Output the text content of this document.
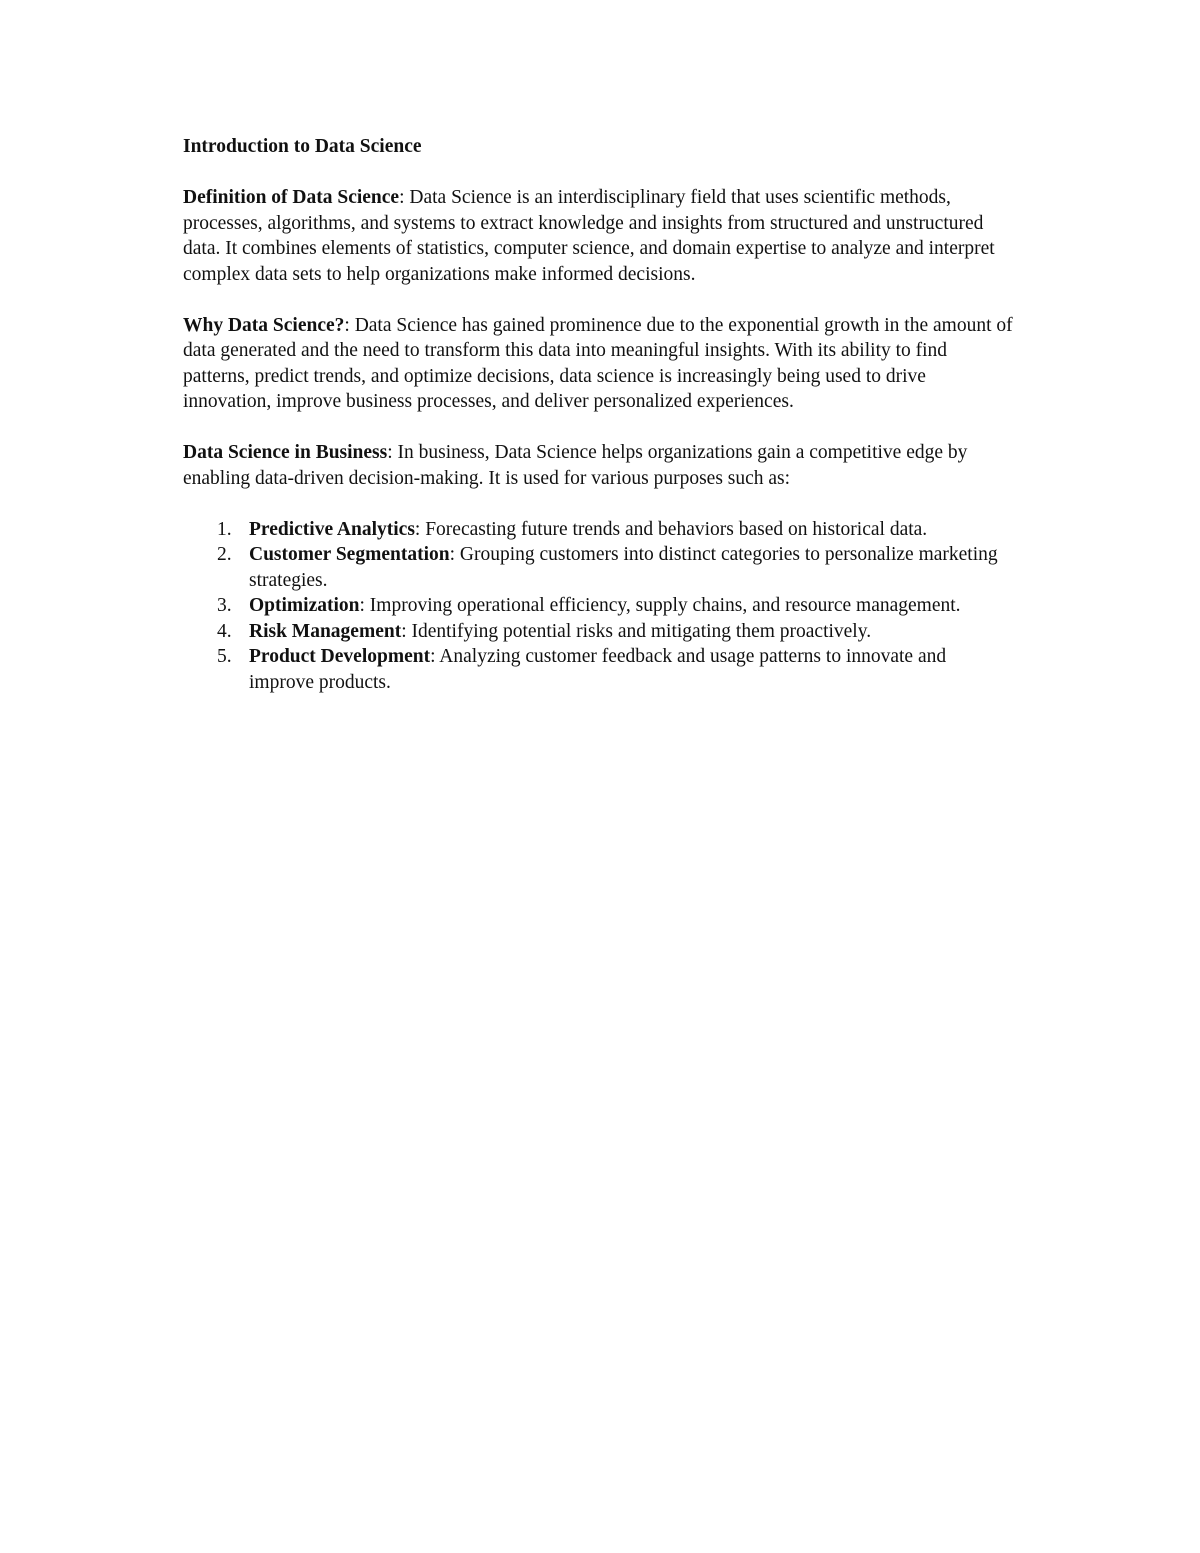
Introduction to Data Science

Definition of Data Science: Data Science is an interdisciplinary field that uses scientific methods, processes, algorithms, and systems to extract knowledge and insights from structured and unstructured data. It combines elements of statistics, computer science, and domain expertise to analyze and interpret complex data sets to help organizations make informed decisions.

Why Data Science?: Data Science has gained prominence due to the exponential growth in the amount of data generated and the need to transform this data into meaningful insights. With its ability to find patterns, predict trends, and optimize decisions, data science is increasingly being used to drive innovation, improve business processes, and deliver personalized experiences.

Data Science in Business: In business, Data Science helps organizations gain a competitive edge by enabling data-driven decision-making. It is used for various purposes such as:

1. Predictive Analytics: Forecasting future trends and behaviors based on historical data.
2. Customer Segmentation: Grouping customers into distinct categories to personalize marketing strategies.
3. Optimization: Improving operational efficiency, supply chains, and resource management.
4. Risk Management: Identifying potential risks and mitigating them proactively.
5. Product Development: Analyzing customer feedback and usage patterns to innovate and improve products.
